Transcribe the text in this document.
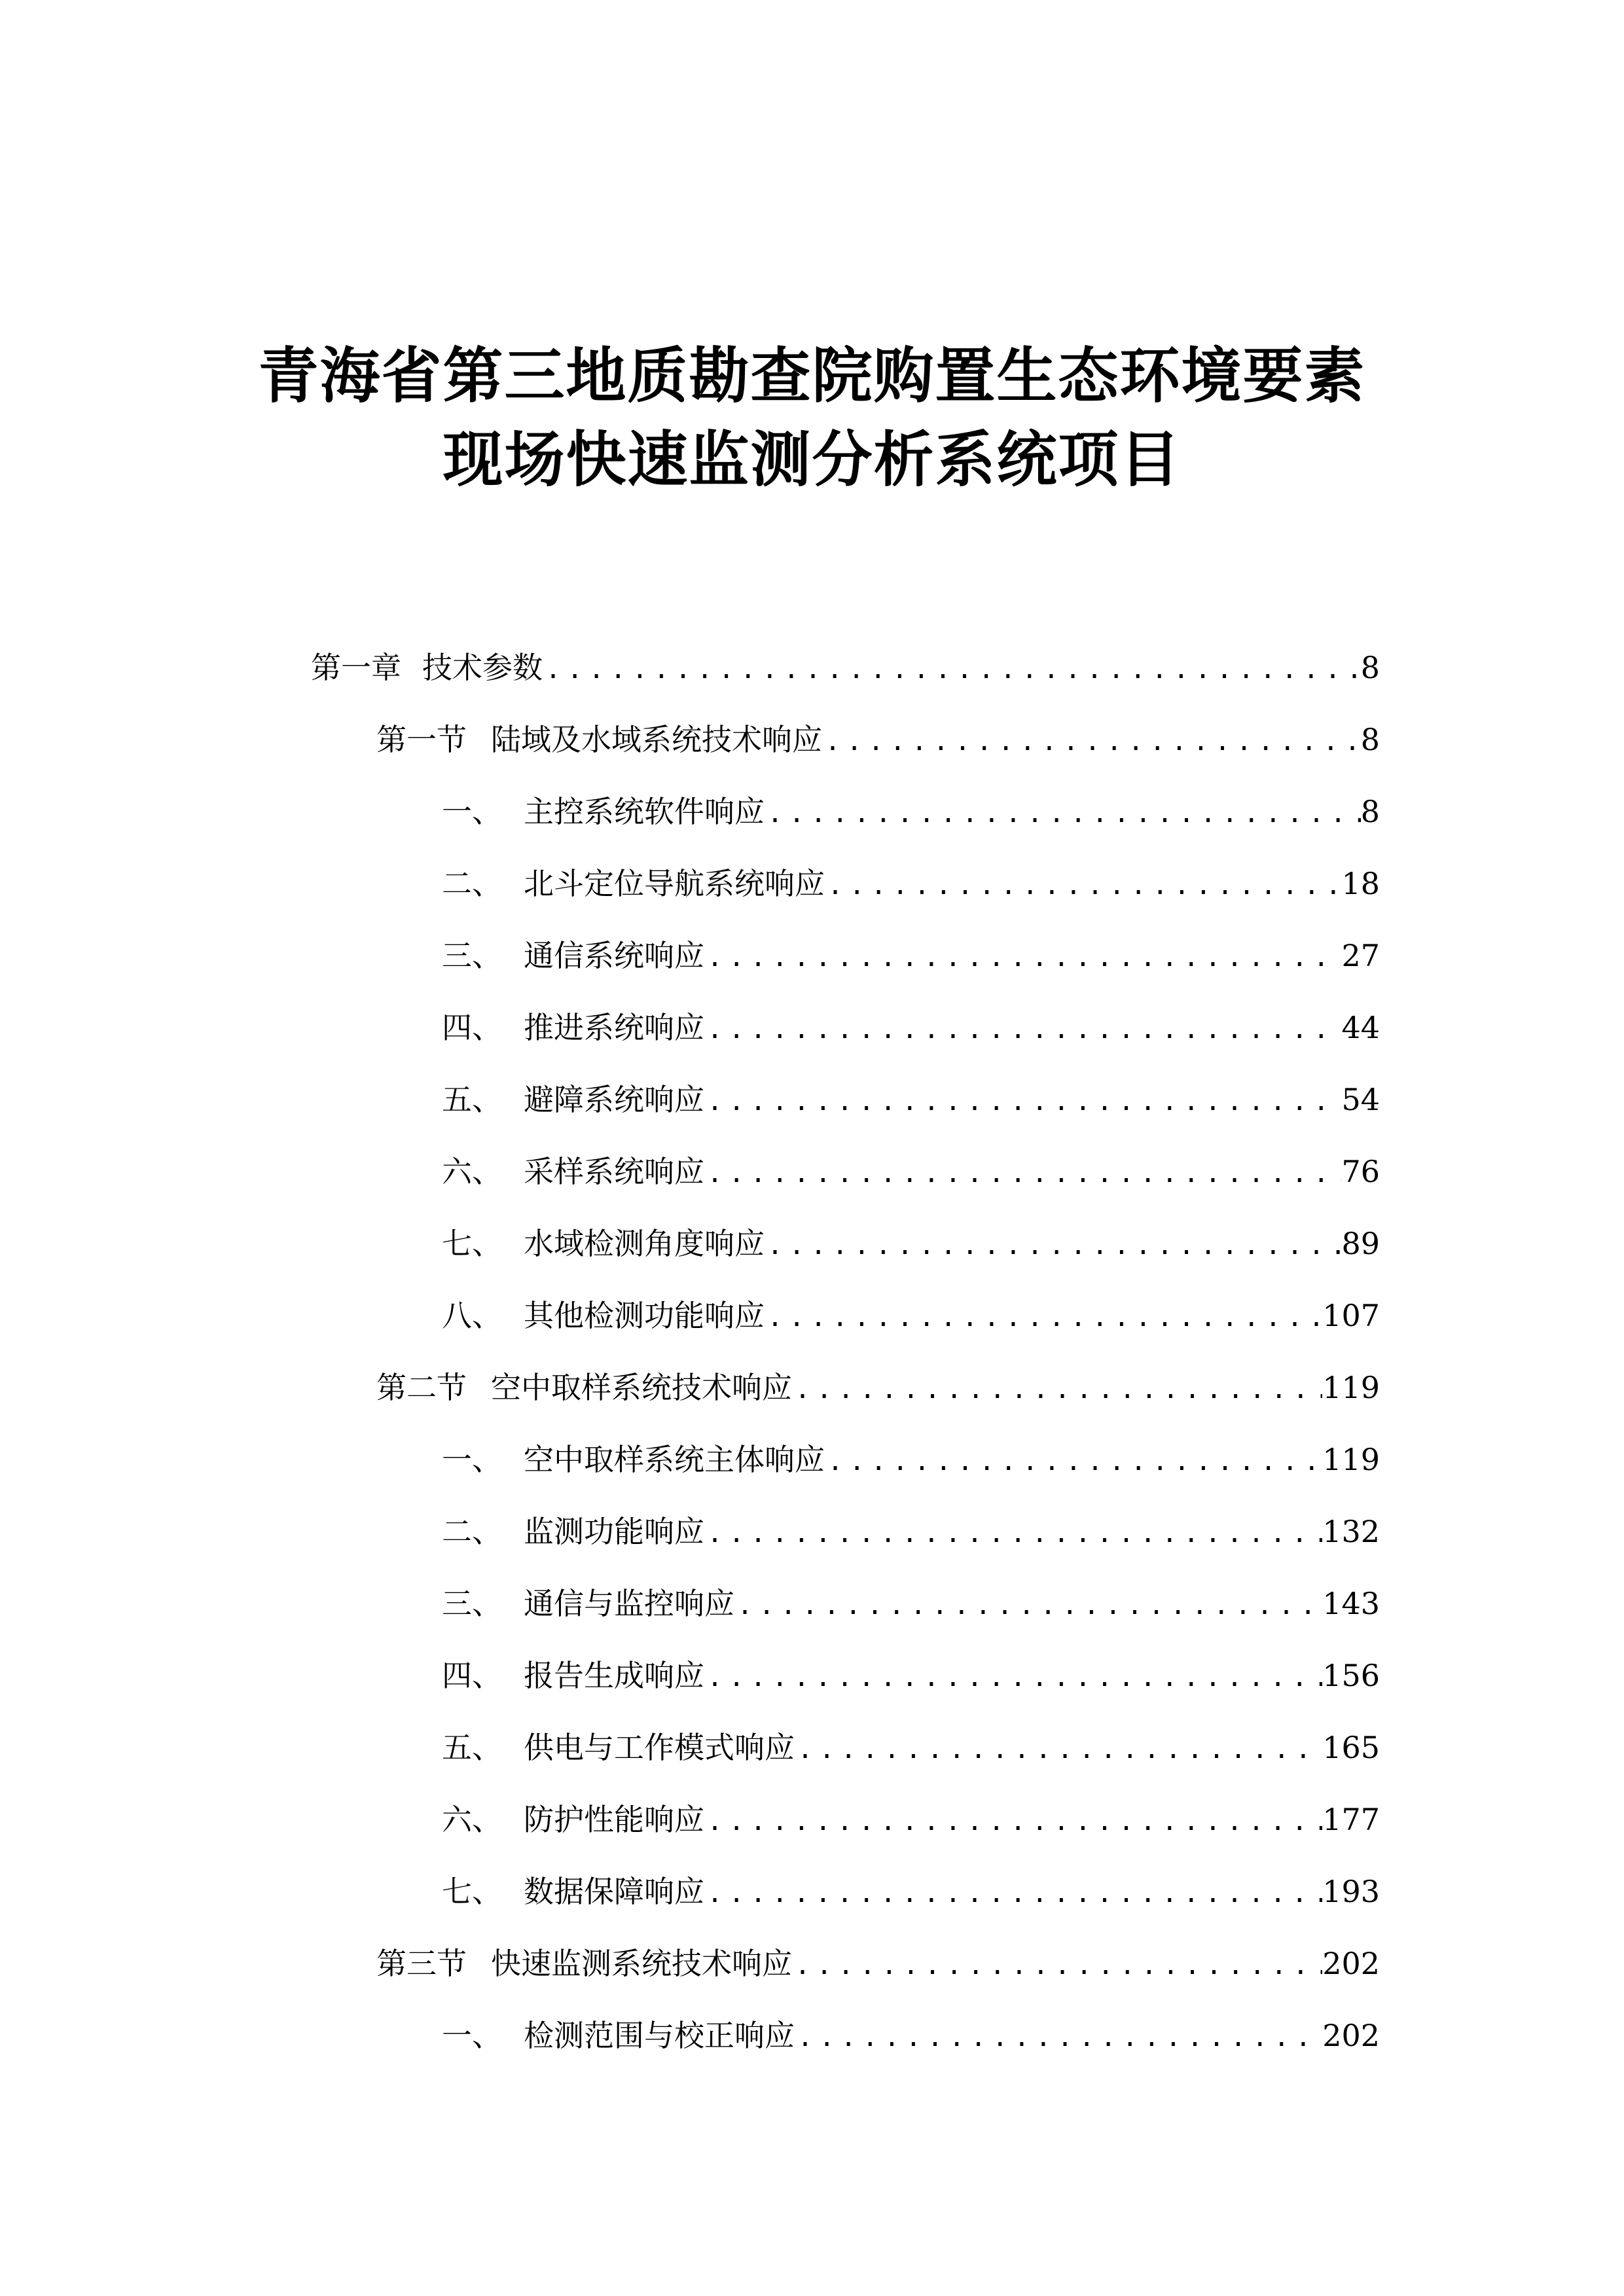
青海省第三地质勘查院购置生态环境要素
现场快速监测分析系统项目
第一章 技术参数 .....	8
第一节 陆域及水域系统技术响应 .....	8
一、 主控系统软件响应 .....	8
二、 北斗定位导航系统响应 .....	18
三、 通信系统响应 .....	27
四、 推进系统响应 .....	44
五、 避障系统响应 .....	54
六、 采样系统响应 .....	76
七、 水域检测角度响应 .....	89
八、 其他检测功能响应 .....	107
第二节 空中取样系统技术响应 .....	119
一、 空中取样系统主体响应 .....	119
二、 监测功能响应 .....	132
三、 通信与监控响应 .....	143
四、 报告生成响应 .....	156
五、 供电与工作模式响应 .....	165
六、 防护性能响应 .....	177
七、 数据保障响应 .....	193
第三节 快速监测系统技术响应 .....	202
一、 检测范围与校正响应 .....	202
